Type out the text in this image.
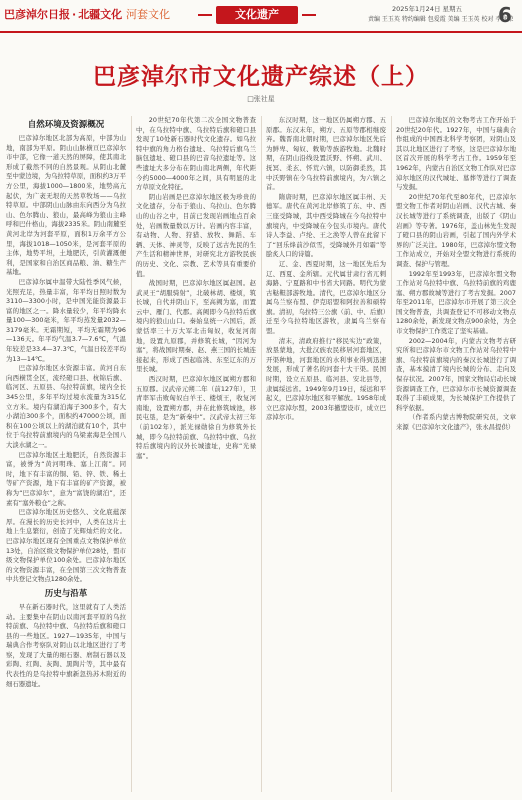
巴彦淖尔日报 · 北疆文化 河套文化	文化遗产	2025年1月24日 星期五
责编 王玉英 特约编辑 包爱霞 美编 王玉英 校对 李彦荣
6
巴彦淖尔市文化遗产综述（上）
□张社星
自然环境及资源概况

巴彦淖尔地区北部为高原，中部为山地，南部为平原。阴山山脉横亘巴彦淖尔市中部，它像一道天然的屏障，使其南北形成了截然不同的自然景观。从阴山北麓至中蒙边境，为乌拉特草原，面积约3万平方公里，海拔1000—1800米，地势高亢起伏，为广袤无垠的天然草牧场——乌拉特草原。中部阴山山脉由东向西分为乌拉山、色尔腾山、狼山，最高峰为狼山主峰呼和巴什格山，海拔2335米。阴山南麓至黄河北岸为河套平原，面积1万余平方公里，海拔1018—1050米，是河套平原的主体，地势平坦，土地肥沃，引黄灌溉便利，是国家和自治区商品粮、油、糖生产基地。

巴彦淖尔属中温带大陆性季风气候，光照充足，热量丰富，年平均日照时数为3110—3300小时，是中国光能资源最丰富的地区之一。降水量较少，年平均降水量100—300毫米，年平均蒸发量2032—3179毫米。无霜期短，平均无霜期为96—136天。年平均气温3.7—7.6℃，气温年较差是33.4—37.3℃，气温日较差平均为13—14℃。

巴彦淖尔地区水资源丰富。黄河自东向西横贯全区，流经磴口县、杭锦后旗、临河区、五原县、乌拉特前旗，境内全长345公里，多年平均过境水流量为315亿立方米。境内有湖泊海子300多个，有大小湖泊300多个，面积约47000公顷，面积在100公顷以上的湖泊就有10个，其中位于乌拉特前旗境内的乌梁素海是全国八大淡水湖之一。

巴彦淖尔地区土地肥沃，自然资源丰富，被誉为“黄河明珠、塞上江南”。同时，地下有丰富的铜、铅、锌、铁、稀土等矿产资源，地下有丰富的矿产资源，被称为“巴彦淖尔”，意为“富饶的湖泊”，还素有“塞外粮仓”之称。

巴彦淖尔地区历史悠久、文化底蕴深厚。在漫长的历史长河中，人类在这片土地上生息繁衍，创造了光辉灿烂的文化。巴彦淖尔地区现有全国重点文物保护单位13处，自治区级文物保护单位28处，盟市级文物保护单位100余处。巴彦淖尔地区的文物资源丰富，在全国第三次文物普查中共登记文物点1280余处。

历史与沿革

早在新石器时代，这里就有了人类活动。主要集中在阴山以南河套平原的乌拉特前旗、乌拉特中旗、乌拉特后旗和磴口县的一些地区。1927—1935年，中国与瑞典合作考察队对阴山以北地区进行了考察，发现了大量的细石器、磨制石器以及彩陶、红陶、灰陶、黑陶片等，其中最有代表性的是乌拉特中旗新忽热苏木附近的细石器遗址。

20世纪70年代第二次全国文物普查中，在乌拉特中旗、乌拉特后旗和磴口县发现了10处新石器时代文化遗存。如乌拉特中旗的角力格台遗址、乌拉特后旗乌兰脑包遗址、磴口县的巴音乌拉遗址等。这些遗址大多分布在阴山南北两侧，年代距今约5000—4000年之间，具有明显的北方草原文化特征。

阴山岩画是巴彦淖尔地区极为珍贵的文化遗存，分布于狼山、乌拉山、色尔腾山的山谷之中，目前已发现岩画地点百余处，岩画数量数以万计。岩画内容丰富，有动物、人物、狩猎、放牧、舞蹈、车辆、天体、神灵等，反映了远古先民的生产生活和精神世界，对研究北方游牧民族的历史、文化、宗教、艺术等具有重要价值。

战国时期，巴彦淖尔地区属赵国。赵武灵王“胡服骑射”，北破林胡、楼烦，筑长城，自代并阴山下，至高阙为塞，而置云中、雁门、代郡。高阙即今乌拉特后旗境内的狼山山口。秦始皇统一六国后，派蒙恬率三十万大军北击匈奴，收复河南地，设置九原郡，并修筑长城，“因河为塞”，将战国时期秦、赵、燕三国的长城连接起来，形成了西起临洮、东至辽东的万里长城。

西汉时期，巴彦淖尔地区属朔方郡和五原郡。汉武帝元朔二年（前127年），卫青率军击败匈奴白羊王、楼烦王，收复河南地，设置朔方郡，并在此修筑城池，移民屯垦，是为“新秦中”。汉武帝太初三年（前102年），派光禄勋徐自为修筑外长城，即今乌拉特前旗、乌拉特中旗、乌拉特后旗境内的汉外长城遗址，史称“光禄塞”。

东汉时期，这一地区仍属朔方郡、五原郡。东汉末年，朔方、五原等郡相继废弃。魏晋南北朝时期，巴彦淖尔地区先后为鲜卑、匈奴、敕勒等族游牧地。北魏时期，在阴山沿线设置沃野、怀朔、武川、抚冥、柔玄、怀荒六镇，以防御柔然，其中沃野镇在今乌拉特前旗境内，为六镇之首。

隋唐时期，巴彦淖尔地区属丰州、天德军。唐代在黄河北岸修筑了东、中、西三座受降城，其中西受降城在今乌拉特中旗境内，中受降城在今包头市境内。唐代诗人李益、卢纶、王之涣等人曾在此留下了“回乐烽前沙似雪，受降城外月如霜”等脍炙人口的诗篇。

辽、金、西夏时期，这一地区先后为辽、西夏、金所辖。元代属甘肃行省兀剌海路、宁夏路和中书省大同路。明代为蒙古鞑靼部游牧地。清代，巴彦淖尔地区分属乌兰察布盟、伊克昭盟和阿拉善和硕特旗。清初，乌拉特三公旗（前、中、后旗）迁至今乌拉特地区游牧，隶属乌兰察布盟。

清末，清政府推行“移民实边”政策，放垦蒙地，大批汉族农民移居河套地区，开渠种地，河套地区的水利事业得到迅速发展，形成了著名的河套十大干渠。民国时期，设立五原县、临河县、安北县等，隶属绥远省。1949年9月19日，绥远和平起义，巴彦淖尔地区和平解放。1958年成立巴彦淖尔盟，2003年撤盟设市，成立巴彦淖尔市。

巴彦淖尔地区的文物考古工作开始于20世纪20年代。1927年，中国与瑞典合作组成的中国西北科学考察团，对阴山及其以北地区进行了考察，这是巴彦淖尔地区首次开展的科学考古工作。1959年至1962年，内蒙古自治区文物工作队对巴彦淖尔地区的汉代城址、墓葬等进行了调查与发掘。

20世纪70年代至80年代，巴彦淖尔盟文物工作者对阴山岩画、汉代古城、秦汉长城等进行了系统调查，出版了《阴山岩画》等专著。1976年，盖山林先生发现了磴口县的阴山岩画，引起了国内外学术界的广泛关注。1980年，巴彦淖尔盟文物工作站成立，开始对全盟文物进行系统的调查、保护与管理。

1992年至1993年，巴彦淖尔盟文物工作站对乌拉特中旗、乌拉特前旗的鸡鹿塞、朔方郡故城等进行了考古发掘。2007年至2011年，巴彦淖尔市开展了第三次全国文物普查，共调查登记不可移动文物点1280余处，新发现文物点900余处，为全市文物保护工作奠定了坚实基础。

2002—2004年，内蒙古文物考古研究所和巴彦淖尔市文物工作站对乌拉特中旗、乌拉特前旗境内的秦汉长城进行了调查，基本摸清了境内长城的分布、走向及保存状况。2007年，国家文物局启动长城资源调查工作，巴彦淖尔市长城资源调查取得了丰硕成果，为长城保护工作提供了科学依据。

（作者系内蒙古博物院研究员，文章来源《巴彦淖尔文化遗产》，张永昌提供）
